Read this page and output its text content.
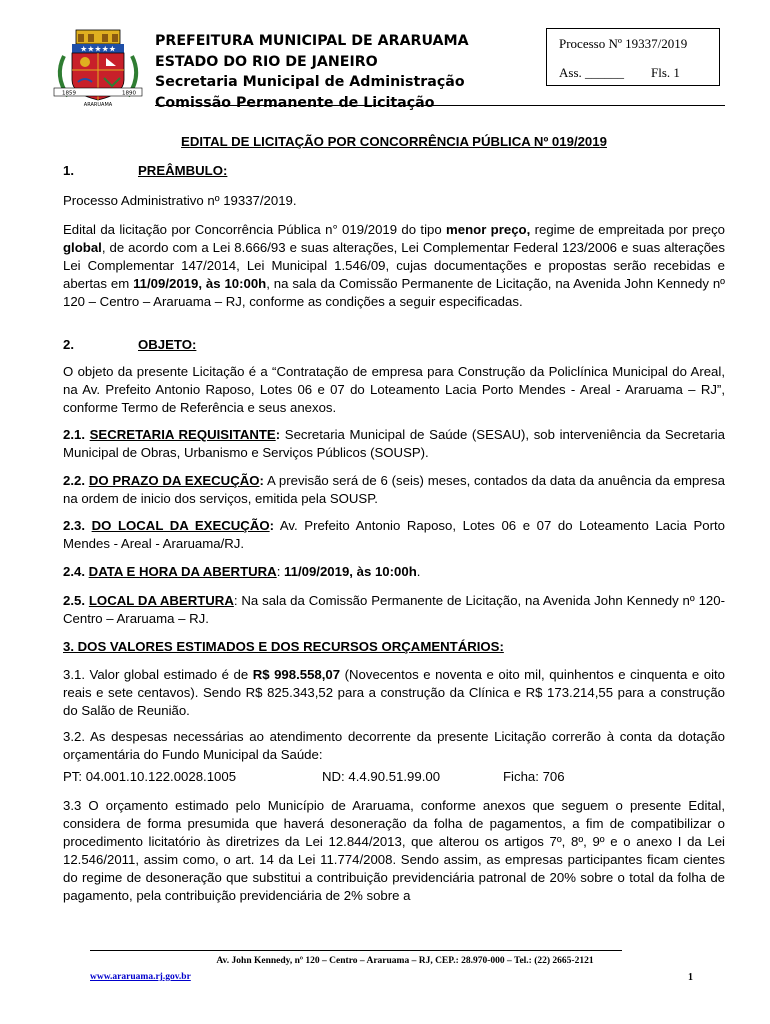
★★★★★
1859	1890
ARARUAMA
PREFEITURA MUNICIPAL DE ARARUAMA
ESTADO DO RIO DE JANEIRO
Secretaria Municipal de Administração
Comissão Permanente de Licitação
Processo Nº 19337/2019
Ass. ______ Fls. 1
EDITAL DE LICITAÇÃO POR CONCORRÊNCIA PÚBLICA Nº 019/2019
1.	PREÂMBULO:
Processo Administrativo nº 19337/2019.
Edital da licitação por Concorrência Pública n° 019/2019 do tipo menor preço, regime de empreitada por preço global, de acordo com a Lei 8.666/93 e suas alterações, Lei Complementar Federal 123/2006 e suas alterações Lei Complementar 147/2014, Lei Municipal 1.546/09, cujas documentações e propostas serão recebidas e abertas em 11/09/2019, às 10:00h, na sala da Comissão Permanente de Licitação, na Avenida John Kennedy nº 120 – Centro – Araruama – RJ, conforme as condições a seguir especificadas.
2.	OBJETO:
O objeto da presente Licitação é a “Contratação de empresa para Construção da Policlínica Municipal do Areal, na Av. Prefeito Antonio Raposo, Lotes 06 e 07 do Loteamento Lacia Porto Mendes - Areal - Araruama – RJ”, conforme Termo de Referência e seus anexos.
2.1. SECRETARIA REQUISITANTE: Secretaria Municipal de Saúde (SESAU), sob interveniência da Secretaria Municipal de Obras, Urbanismo e Serviços Públicos (SOUSP).
2.2. DO PRAZO DA EXECUÇÃO: A previsão será de 6 (seis) meses, contados da data da anuência da empresa na ordem de inicio dos serviços, emitida pela SOUSP.
2.3. DO LOCAL DA EXECUÇÃO: Av. Prefeito Antonio Raposo, Lotes 06 e 07 do Loteamento Lacia Porto Mendes - Areal - Araruama/RJ.
2.4. DATA E HORA DA ABERTURA: 11/09/2019, às 10:00h.
2.5. LOCAL DA ABERTURA: Na sala da Comissão Permanente de Licitação, na Avenida John Kennedy nº 120- Centro – Araruama – RJ.
3. DOS VALORES ESTIMADOS E DOS RECURSOS ORÇAMENTÁRIOS:
3.1. Valor global estimado é de R$ 998.558,07 (Novecentos e noventa e oito mil, quinhentos e cinquenta e oito reais e sete centavos). Sendo R$ 825.343,52 para a construção da Clínica e R$ 173.214,55 para a construção do Salão de Reunião.
3.2. As despesas necessárias ao atendimento decorrente da presente Licitação correrão à conta da dotação orçamentária do Fundo Municipal da Saúde:
PT: 04.001.10.122.0028.1005	ND: 4.4.90.51.99.00	Ficha: 706
3.3 O orçamento estimado pelo Município de Araruama, conforme anexos que seguem o presente Edital, considera de forma presumida que haverá desoneração da folha de pagamentos, a fim de compatibilizar o procedimento licitatório às diretrizes da Lei 12.844/2013, que alterou os artigos 7º, 8º, 9º e o anexo I da Lei 12.546/2011, assim como, o art. 14 da Lei 11.774/2008. Sendo assim, as empresas participantes ficam cientes do regime de desoneração que substitui a contribuição previdenciária patronal de 20% sobre o total da folha de pagamento, pela contribuição previdenciária de 2% sobre a
Av. John Kennedy, nº 120 – Centro – Araruama – RJ, CEP.: 28.970-000 – Tel.: (22) 2665-2121
www.araruama.rj.gov.br	1
